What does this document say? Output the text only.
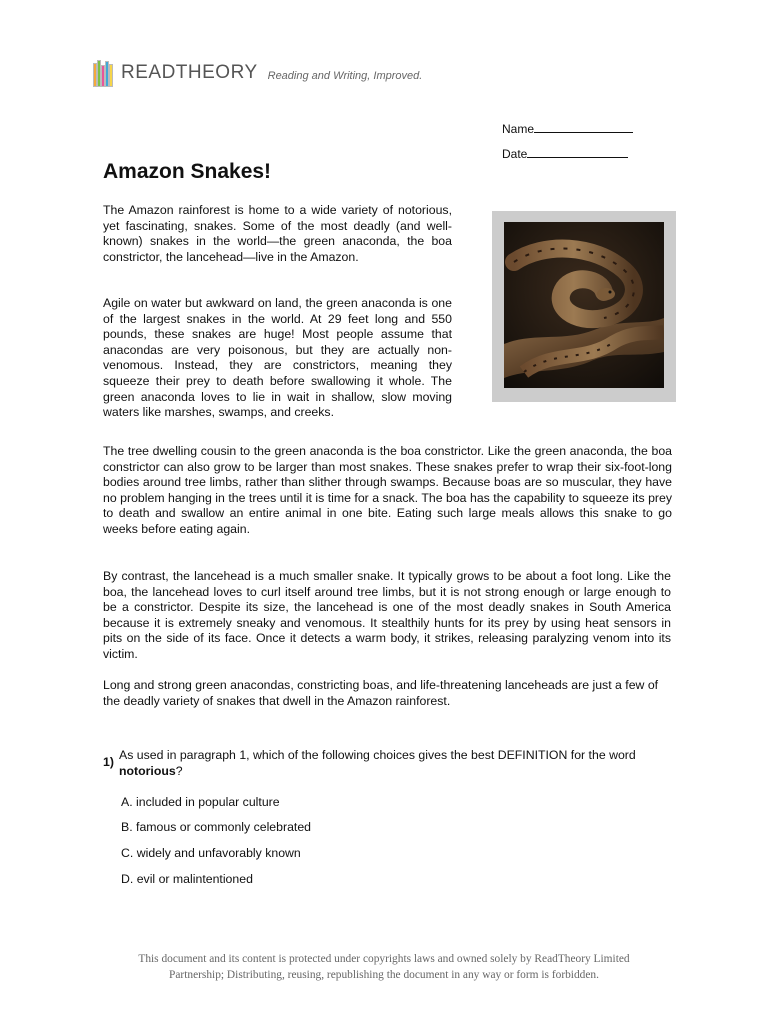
READTHEORY Reading and Writing, Improved.
Name
Date
Amazon Snakes!

The Amazon rainforest is home to a wide variety of notorious, yet fascinating, snakes. Some of the most deadly (and well-known) snakes in the world—the green anaconda, the boa constrictor, the lancehead—live in the Amazon.

Agile on water but awkward on land, the green anaconda is one of the largest snakes in the world. At 29 feet long and 550 pounds, these snakes are huge! Most people assume that anacondas are very poisonous, but they are actually non-venomous. Instead, they are constrictors, meaning they squeeze their prey to death before swallowing it whole. The green anaconda loves to lie in wait in shallow, slow moving waters like marshes, swamps, and creeks.

The tree dwelling cousin to the green anaconda is the boa constrictor. Like the green anaconda, the boa constrictor can also grow to be larger than most snakes. These snakes prefer to wrap their six-foot-long bodies around tree limbs, rather than slither through swamps. Because boas are so muscular, they have no problem hanging in the trees until it is time for a snack. The boa has the capability to squeeze its prey to death and swallow an entire animal in one bite. Eating such large meals allows this snake to go weeks before eating again.

By contrast, the lancehead is a much smaller snake. It typically grows to be about a foot long. Like the boa, the lancehead loves to curl itself around tree limbs, but it is not strong enough or large enough to be a constrictor. Despite its size, the lancehead is one of the most deadly snakes in South America because it is extremely sneaky and venomous. It stealthily hunts for its prey by using heat sensors in pits on the side of its face. Once it detects a warm body, it strikes, releasing paralyzing venom into its victim.

Long and strong green anacondas, constricting boas, and life-threatening lanceheads are just a few of the deadly variety of snakes that dwell in the Amazon rainforest.

1) As used in paragraph 1, which of the following choices gives the best DEFINITION for the word notorious?

A. included in popular culture

B. famous or commonly celebrated

C. widely and unfavorably known

D. evil or malintentioned

This document and its content is protected under copyrights laws and owned solely by ReadTheory Limited
Partnership; Distributing, reusing, republishing the document in any way or form is forbidden.
